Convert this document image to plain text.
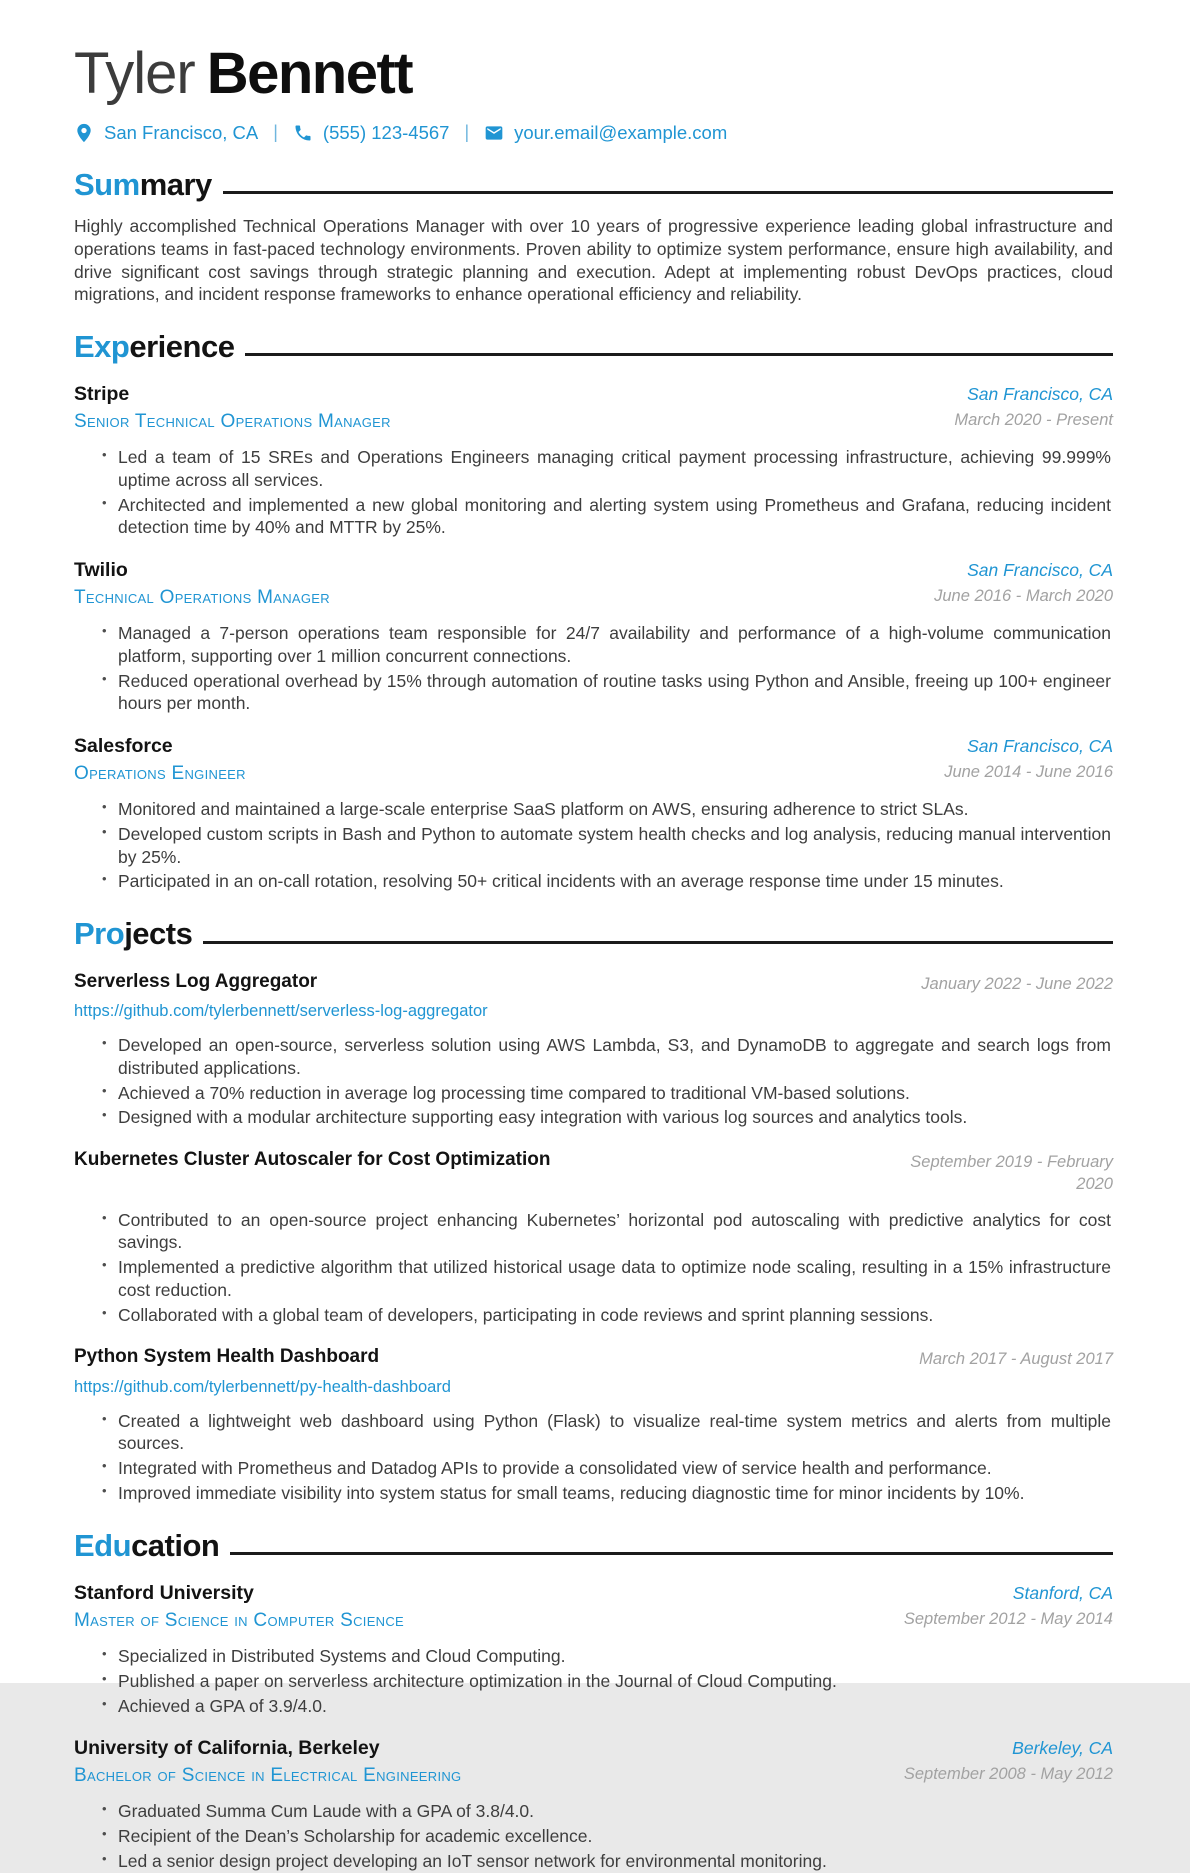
Tyler Bennett
San Francisco, CA | (555) 123-4567 | your.email@example.com
Sum mary

Highly accomplished Technical Operations Manager with over 10 years of progressive experience leading global infrastructure and operations teams in fast-paced technology environments. Proven ability to optimize system performance, ensure high availability, and drive significant cost savings through strategic planning and execution. Adept at implementing robust DevOps practices, cloud migrations, and incident response frameworks to enhance operational efficiency and reliability.

Exp erience
Stripe	San Francisco, CA
Senior Technical Operations Manager	March 2020 - Present
• Led a team of 15 SREs and Operations Engineers managing critical payment processing infrastructure, achieving 99.999% uptime across all services.
• Architected and implemented a new global monitoring and alerting system using Prometheus and Grafana, reducing incident detection time by 40% and MTTR by 25%.
Twilio	San Francisco, CA
Technical Operations Manager	June 2016 - March 2020
• Managed a 7-person operations team responsible for 24/7 availability and performance of a high-volume communication platform, supporting over 1 million concurrent connections.
• Reduced operational overhead by 15% through automation of routine tasks using Python and Ansible, freeing up 100+ engineer hours per month.
Salesforce	San Francisco, CA
Operations Engineer	June 2014 - June 2016
• Monitored and maintained a large-scale enterprise SaaS platform on AWS, ensuring adherence to strict SLAs.
• Developed custom scripts in Bash and Python to automate system health checks and log analysis, reducing manual intervention by 25%.
• Participated in an on-call rotation, resolving 50+ critical incidents with an average response time under 15 minutes.
Pro jects
Serverless Log Aggregator	January 2022 - June 2022
https://github.com/tylerbennett/serverless-log-aggregator
• Developed an open-source, serverless solution using AWS Lambda, S3, and DynamoDB to aggregate and search logs from distributed applications.
• Achieved a 70% reduction in average log processing time compared to traditional VM-based solutions.
• Designed with a modular architecture supporting easy integration with various log sources and analytics tools.
Kubernetes Cluster Autoscaler for Cost Optimization	September 2019 - February 2020
• Contributed to an open-source project enhancing Kubernetes’ horizontal pod autoscaling with predictive analytics for cost savings.
• Implemented a predictive algorithm that utilized historical usage data to optimize node scaling, resulting in a 15% infrastructure cost reduction.
• Collaborated with a global team of developers, participating in code reviews and sprint planning sessions.
Python System Health Dashboard	March 2017 - August 2017
https://github.com/tylerbennett/py-health-dashboard
• Created a lightweight web dashboard using Python (Flask) to visualize real-time system metrics and alerts from multiple sources.
• Integrated with Prometheus and Datadog APIs to provide a consolidated view of service health and performance.
• Improved immediate visibility into system status for small teams, reducing diagnostic time for minor incidents by 10%.
Edu cation
Stanford University	Stanford, CA
Master of Science in Computer Science	September 2012 - May 2014
• Specialized in Distributed Systems and Cloud Computing.
• Published a paper on serverless architecture optimization in the Journal of Cloud Computing.
• Achieved a GPA of 3.9/4.0.
University of California, Berkeley	Berkeley, CA
Bachelor of Science in Electrical Engineering	September 2008 - May 2012
• Graduated Summa Cum Laude with a GPA of 3.8/4.0.
• Recipient of the Dean’s Scholarship for academic excellence.
• Led a senior design project developing an IoT sensor network for environmental monitoring.
